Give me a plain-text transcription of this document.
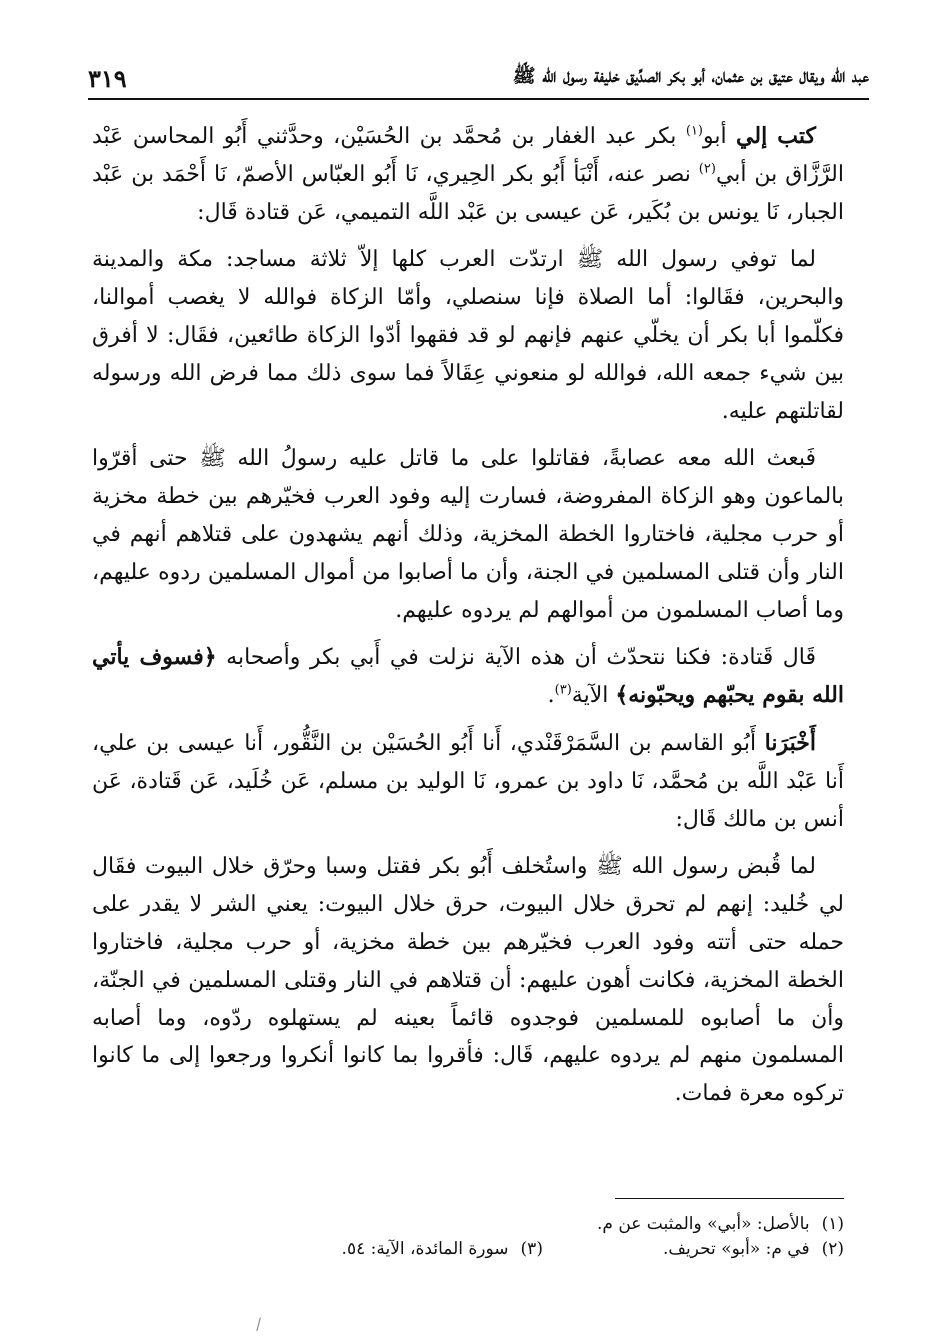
عبد الله ويقال عتيق بن عثمان، أبو بكر الصدِّيق خليفة رسول الله ﷺ
٣١٩

كتب إلي أبو$^{(١)}$ بكر عبد الغفار بن مُحمَّد بن الحُسَيْن، وحدَّثني أَبُو المحاسن عَبْد الرَّزَّاق بن أبي$^{(٢)}$ نصر عنه، أَنْبَأ أَبُو بكر الحِيري، نَا أَبُو العبّاس الأصمّ، نَا أَحْمَد بن عَبْد الجبار، نَا يونس بن بُكَير، عَن عيسى بن عَبْد اللَّه التميمي، عَن قتادة قَال:

لما توفي رسول الله ﷺ ارتدّت العرب كلها إلاّ ثلاثة مساجد: مكة والمدينة والبحرين، فقَالوا: أما الصلاة فإنا سنصلي، وأمّا الزكاة فوالله لا يغصب أموالنا، فكلّموا أبا بكر أن يخلّي عنهم فإنهم لو قد فقهوا أدّوا الزكاة طائعين، فقَال: لا أفرق بين شيء جمعه الله، فوالله لو منعوني عِقَالاً فما سوى ذلك مما فرض الله ورسوله لقاتلتهم عليه.

فَبعث الله معه عصابةً، فقاتلوا على ما قاتل عليه رسولُ الله ﷺ حتى أقرّوا بالماعون وهو الزكاة المفروضة، فسارت إليه وفود العرب فخيّرهم بين خطة مخزية أو حرب مجلية، فاختاروا الخطة المخزية، وذلك أنهم يشهدون على قتلاهم أنهم في النار وأن قتلى المسلمين في الجنة، وأن ما أصابوا من أموال المسلمين ردوه عليهم، وما أصاب المسلمون من أموالهم لم يردوه عليهم.

قَال قَتادة: فكنا نتحدّث أن هذه الآية نزلت في أَبي بكر وأصحابه ﴿فسوف يأتي الله بقوم يحبّهم ويحبّونه﴾ الآية$^{(٣)}$.

أَخْبَرَنا أَبُو القاسم بن السَّمَرْقَنْدي، أَنا أَبُو الحُسَيْن بن النَّقُّور، أَنا عيسى بن علي، أَنا عَبْد اللَّه بن مُحمَّد، نَا داود بن عمرو، نَا الوليد بن مسلم، عَن خُلَيد، عَن قَتادة، عَن أنس بن مالك قَال:

لما قُبض رسول الله ﷺ واستُخلف أَبُو بكر فقتل وسبا وحرّق خلال البيوت فقَال لي خُليد: إنهم لم تحرق خلال البيوت، حرق خلال البيوت: يعني الشر لا يقدر على حمله حتى أتته وفود العرب فخيّرهم بين خطة مخزية، أو حرب مجلية، فاختاروا الخطة المخزية، فكانت أهون عليهم: أن قتلاهم في النار وقتلى المسلمين في الجنّة، وأن ما أصابوه للمسلمين فوجدوه قائماً بعينه لم يستهلوه ردّوه، وما أصابه المسلمون منهم لم يردوه عليهم، قَال: فأقروا بما كانوا أنكروا ورجعوا إلى ما كانوا تركوه معرة فمات.

(١)بالأصل: «أبي» والمثبت عن م.
(٢)في م: «أبو» تحريف.
(٣)سورة المائدة، الآية: ٥٤.
